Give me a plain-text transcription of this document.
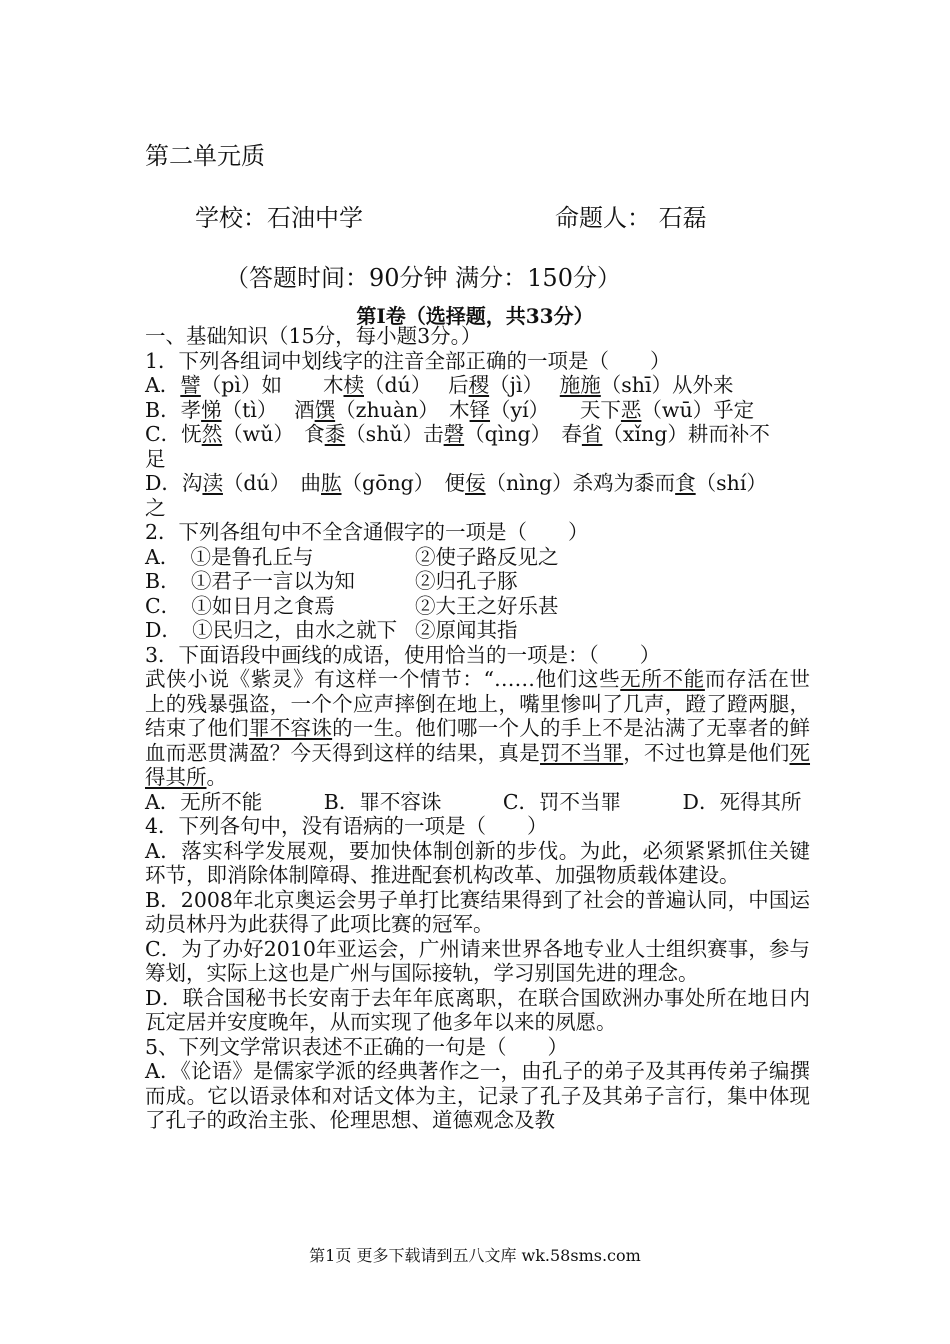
第二单元质
学校：石油中学	命题人： 石磊
（答题时间：90分钟 满分：150分）
第Ⅰ卷（选择题，共33分）
一、基础知识（15分，每小题3分。）
1．下列各组词中划线字的注音全部正确的一项是（　　）
A．譬（pì）如　　木椟（dú）　 后稷（jì）　 施施（shī）从外来
B．孝悌（tì）　 酒馔（zhuàn）　木铎（yí）　　天下恶（wū）乎定
C．怃然（wǔ）　食黍（shǔ）击磬（qìng）　春省（xǐng）耕而补不
足
D．沟渎（dú）　曲肱（gōng）　便佞（nìng）杀鸡为黍而食（shí）
之
2．下列各组句中不全含通假字的一项是（　　）
A．　①是鲁孔丘与	②使子路反见之
B．　①君子一言以为知	②归孔子豚
C．　①如日月之食焉	②大王之好乐甚
D．　①民归之，由水之就下 ②原闻其指
3．下面语段中画线的成语，使用恰当的一项是：（　　）
武侠小说《紫灵》有这样一个情节：“……他们这些无所不能而存活在世上的残暴强盗，一个个应声摔倒在地上，嘴里惨叫了几声，蹬了蹬两腿，结束了他们罪不容诛的一生。他们哪一个人的手上不是沾满了无辜者的鲜血而恶贯满盈？今天得到这样的结果，真是罚不当罪，不过也算是他们死得其所。
A．无所不能　　　B．罪不容诛　　　C．罚不当罪　　　D．死得其所
4．下列各句中，没有语病的一项是（　　）
A．落实科学发展观，要加快体制创新的步伐。为此，必须紧紧抓住关键环节，即消除体制障碍、推进配套机构改革、加强物质载体建设。
B．2008年北京奥运会男子单打比赛结果得到了社会的普遍认同，中国运动员林丹为此获得了此项比赛的冠军。
C．为了办好2010年亚运会，广州请来世界各地专业人士组织赛事，参与筹划，实际上这也是广州与国际接轨，学习别国先进的理念。
D．联合国秘书长安南于去年年底离职，在联合国欧洲办事处所在地日内瓦定居并安度晚年，从而实现了他多年以来的夙愿。
5、下列文学常识表述不正确的一句是（　　）
A．《论语》是儒家学派的经典著作之一，由孔子的弟子及其再传弟子编撰而成。它以语录体和对话文体为主，记录了孔子及其弟子言行，集中体现了孔子的政治主张、伦理思想、道德观念及教
第1页 更多下载请到五八文库 wk.58sms.com
